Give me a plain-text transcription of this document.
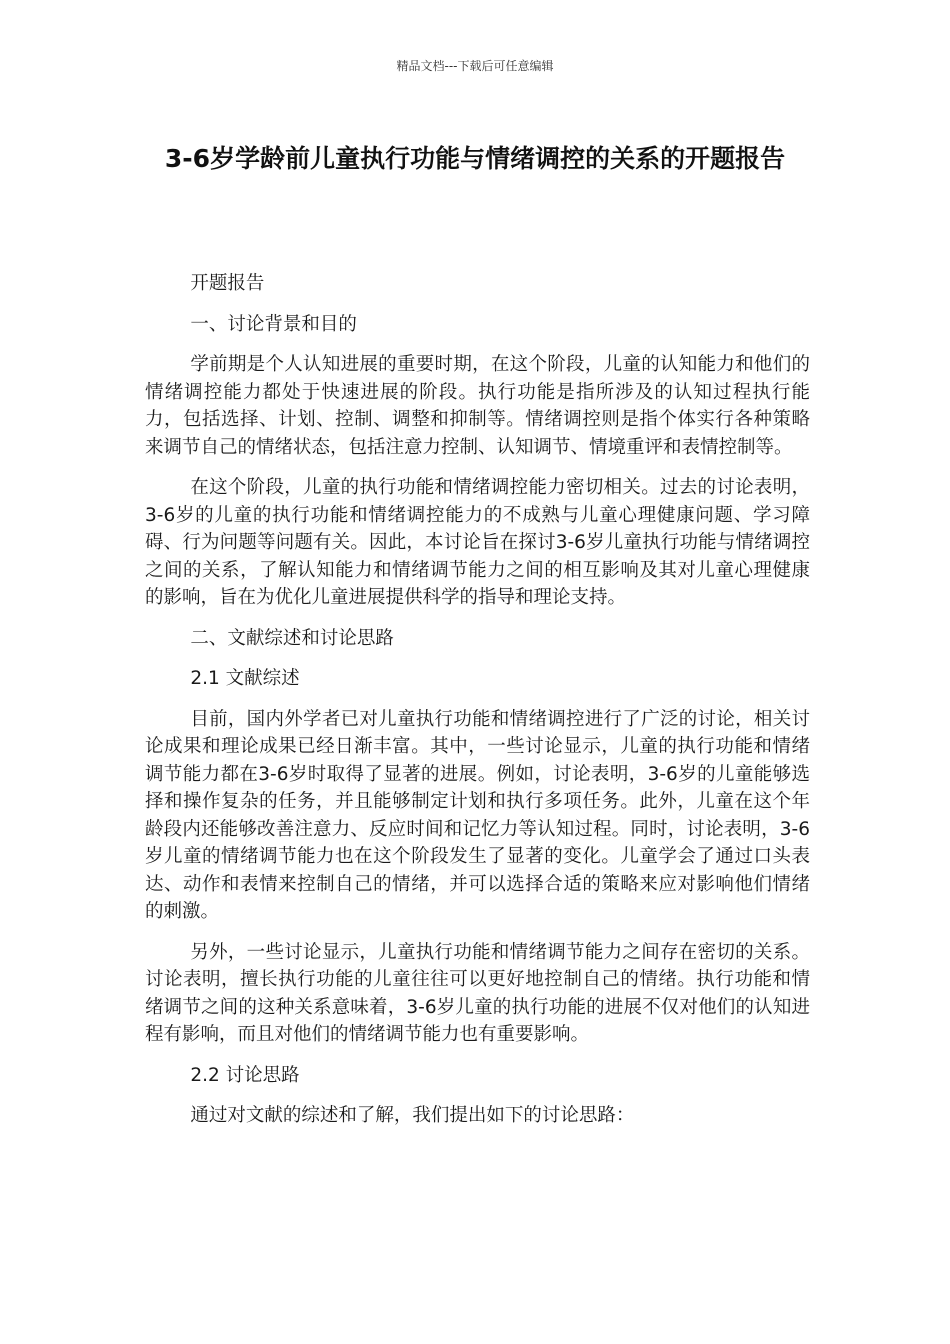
精品文档---下载后可任意编辑
3-6岁学龄前儿童执行功能与情绪调控的关系的开题报告

开题报告

一、讨论背景和目的

学前期是个人认知进展的重要时期，在这个阶段，儿童的认知能力和他们的情绪调控能力都处于快速进展的阶段。执行功能是指所涉及的认知过程执行能力，包括选择、计划、控制、调整和抑制等。情绪调控则是指个体实行各种策略来调节自己的情绪状态，包括注意力控制、认知调节、情境重评和表情控制等。

在这个阶段，儿童的执行功能和情绪调控能力密切相关。过去的讨论表明，3-6岁的儿童的执行功能和情绪调控能力的不成熟与儿童心理健康问题、学习障碍、行为问题等问题有关。因此，本讨论旨在探讨3-6岁儿童执行功能与情绪调控之间的关系，了解认知能力和情绪调节能力之间的相互影响及其对儿童心理健康的影响，旨在为优化儿童进展提供科学的指导和理论支持。

二、文献综述和讨论思路

2.1 文献综述

目前，国内外学者已对儿童执行功能和情绪调控进行了广泛的讨论，相关讨论成果和理论成果已经日渐丰富。其中，一些讨论显示，儿童的执行功能和情绪调节能力都在3-6岁时取得了显著的进展。例如，讨论表明，3-6岁的儿童能够选择和操作复杂的任务，并且能够制定计划和执行多项任务。此外，儿童在这个年龄段内还能够改善注意力、反应时间和记忆力等认知过程。同时，讨论表明，3-6岁儿童的情绪调节能力也在这个阶段发生了显著的变化。儿童学会了通过口头表达、动作和表情来控制自己的情绪，并可以选择合适的策略来应对影响他们情绪的刺激。

另外，一些讨论显示，儿童执行功能和情绪调节能力之间存在密切的关系。讨论表明，擅长执行功能的儿童往往可以更好地控制自己的情绪。执行功能和情绪调节之间的这种关系意味着，3-6岁儿童的执行功能的进展不仅对他们的认知进程有影响，而且对他们的情绪调节能力也有重要影响。

2.2 讨论思路

通过对文献的综述和了解，我们提出如下的讨论思路：
